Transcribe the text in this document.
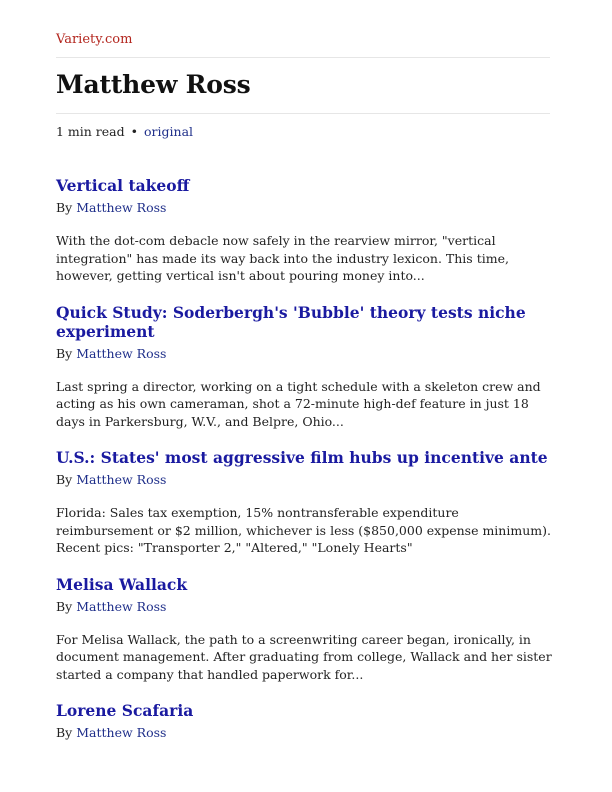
Variety.com
Matthew Ross
1 min read • original
Vertical takeoff
By Matthew Ross

With the dot-com debacle now safely in the rearview mirror, "vertical integration" has made its way back into the industry lexicon. This time, however, getting vertical isn't about pouring money into...

Quick Study: Soderbergh's 'Bubble' theory tests niche experiment
By Matthew Ross

Last spring a director, working on a tight schedule with a skeleton crew and acting as his own cameraman, shot a 72-minute high-def feature in just 18 days in Parkersburg, W.V., and Belpre, Ohio...

U.S.: States' most aggressive film hubs up incentive ante
By Matthew Ross

Florida: Sales tax exemption, 15% nontransferable expenditure reimbursement or $2 million, whichever is less ($850,000 expense minimum). Recent pics: "Transporter 2," "Altered," "Lonely Hearts"

Melisa Wallack
By Matthew Ross

For Melisa Wallack, the path to a screenwriting career began, ironically, in document management. After graduating from college, Wallack and her sister started a company that handled paperwork for...

Lorene Scafaria
By Matthew Ross
